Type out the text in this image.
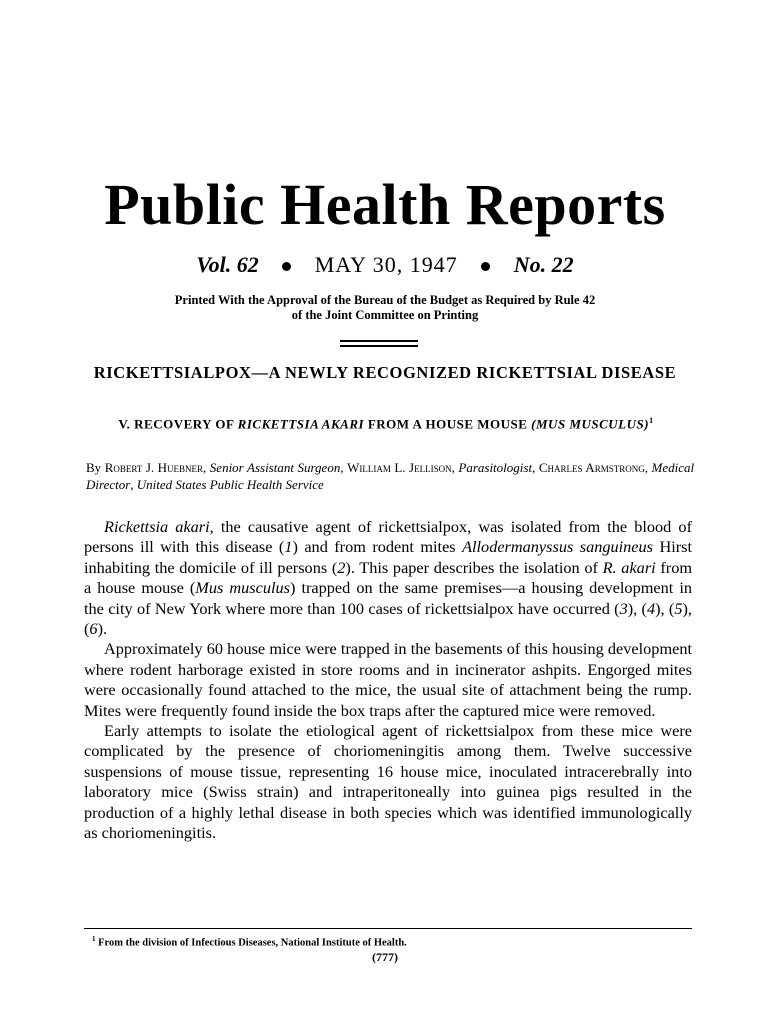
Public Health Reports
Vol. 62	MAY 30, 1947	No. 22
Printed With the Approval of the Bureau of the Budget as Required by Rule 42
of the Joint Committee on Printing
RICKETTSIALPOX—A NEWLY RECOGNIZED RICKETTSIAL DISEASE
V. RECOVERY OF RICKETTSIA AKARI FROM A HOUSE MOUSE (MUS MUSCULUS)$^1$
By Robert J. Huebner, Senior Assistant Surgeon, William L. Jellison, Parasitologist, Charles Armstrong, Medical Director, United States Public Health Service

Rickettsia akari, the causative agent of rickettsialpox, was isolated from the blood of persons ill with this disease (1) and from rodent mites Allodermanyssus sanguineus Hirst inhabiting the domicile of ill persons (2). This paper describes the isolation of R. akari from a house mouse (Mus musculus) trapped on the same premises—a housing development in the city of New York where more than 100 cases of rickettsialpox have occurred (3), (4), (5), (6).

Approximately 60 house mice were trapped in the basements of this housing development where rodent harborage existed in store rooms and in incinerator ashpits. Engorged mites were occasionally found attached to the mice, the usual site of attachment being the rump. Mites were frequently found inside the box traps after the captured mice were removed.

Early attempts to isolate the etiological agent of rickettsialpox from these mice were complicated by the presence of choriomeningitis among them. Twelve successive suspensions of mouse tissue, representing 16 house mice, inoculated intracerebrally into laboratory mice (Swiss strain) and intraperitoneally into guinea pigs resulted in the production of a highly lethal disease in both species which was identified immunologically as choriomeningitis.

$^1$ From the division of Infectious Diseases, National Institute of Health.
(777)
